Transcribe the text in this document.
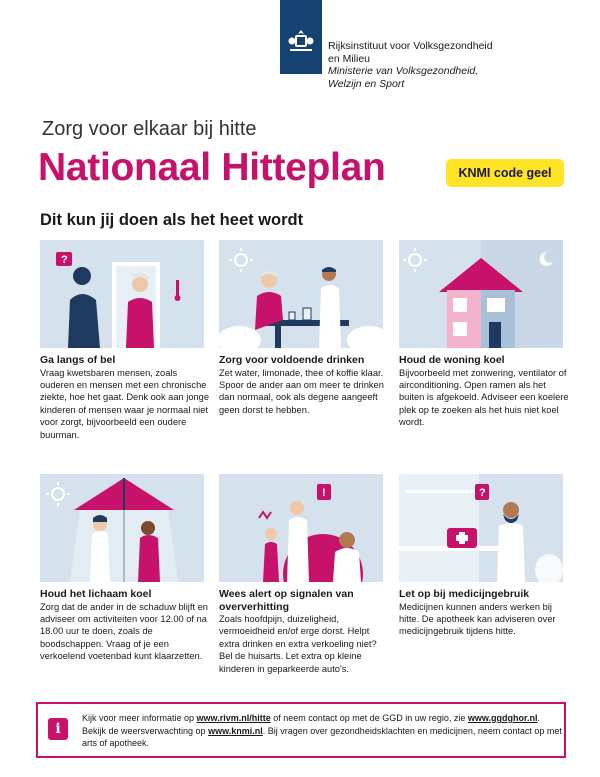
Rijksinstituut voor Volksgezondheid
en Milieu
Ministerie van Volksgezondheid,
Welzijn en Sport
Zorg voor elkaar bij hitte
Nationaal Hitteplan	KNMI code geel
Dit kun jij doen als het heet wordt
?
Ga langs of bel
Vraag kwetsbaren mensen, zoals ouderen en mensen met een chronische ziekte, hoe het gaat. Denk ook aan jonge kinderen of mensen waar je normaal niet voor zorgt, bijvoorbeeld een oudere buurman.
Zorg voor voldoende drinken
Zet water, limonade, thee of koffie klaar. Spoor de ander aan om meer te drinken dan normaal, ook als degene aangeeft geen dorst te hebben.
Houd de woning koel
Bijvoorbeeld met zonwering, ventilator of airconditioning. Open ramen als het buiten is afgekoeld. Adviseer een koelere plek op te zoeken als het huis niet koel wordt.
Houd het lichaam koel
Zorg dat de ander in de schaduw blijft en adviseer om activiteiten voor 12.00 of na 18.00 uur te doen, zoals de boodschappen. Vraag of je een verkoelend voetenbad kunt klaarzetten.
!
Wees alert op signalen van oververhitting
Zoals hoofdpijn, duizeligheid, vermoeidheid en/of erge dorst. Helpt extra drinken en extra verkoeling niet? Bel de huisarts. Let extra op kleine kinderen in geparkeerde auto's.
?
Let op bij medicijngebruik
Medicijnen kunnen anders werken bij hitte. De apotheek kan adviseren over medicijngebruik tijdens hitte.
i
Kijk voor meer informatie op www.rivm.nl/hitte of neem contact op met de GGD in uw regio, zie www.ggdghor.nl. Bekijk de weersverwachting op www.knmi.nl. Bij vragen over gezondheidsklachten en medicijnen, neem contact op met arts of apotheek.
